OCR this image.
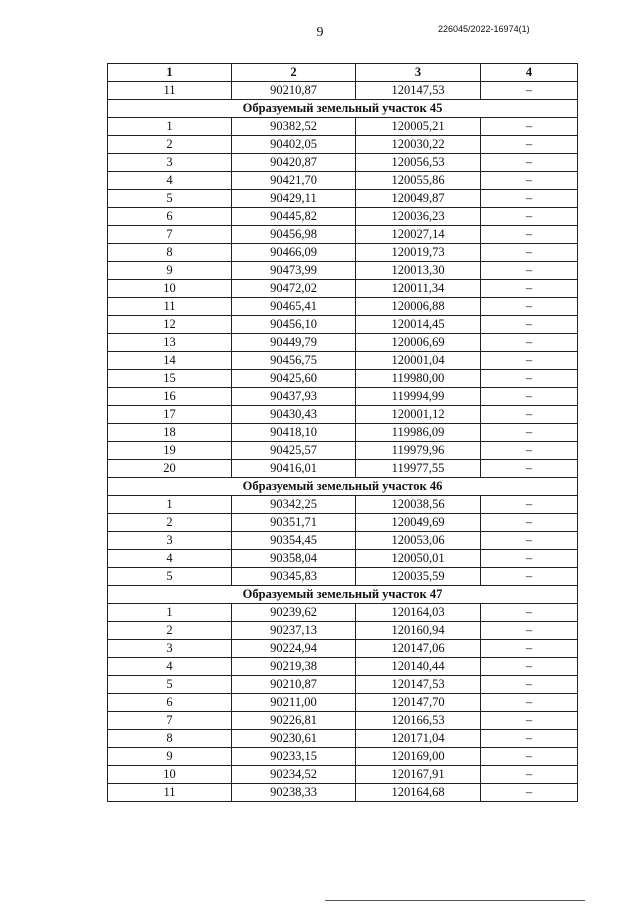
9	226045/2022-16974(1)
1	2	3	4
11	90210,87	120147,53	–
Образуемый земельный участок 45			
1	90382,52	120005,21	–
2	90402,05	120030,22	–
3	90420,87	120056,53	–
4	90421,70	120055,86	–
5	90429,11	120049,87	–
6	90445,82	120036,23	–
7	90456,98	120027,14	–
8	90466,09	120019,73	–
9	90473,99	120013,30	–
10	90472,02	120011,34	–
11	90465,41	120006,88	–
12	90456,10	120014,45	–
13	90449,79	120006,69	–
14	90456,75	120001,04	–
15	90425,60	119980,00	–
16	90437,93	119994,99	–
17	90430,43	120001,12	–
18	90418,10	119986,09	–
19	90425,57	119979,96	–
20	90416,01	119977,55	–
Образуемый земельный участок 46			
1	90342,25	120038,56	–
2	90351,71	120049,69	–
3	90354,45	120053,06	–
4	90358,04	120050,01	–
5	90345,83	120035,59	–
Образуемый земельный участок 47			
1	90239,62	120164,03	–
2	90237,13	120160,94	–
3	90224,94	120147,06	–
4	90219,38	120140,44	–
5	90210,87	120147,53	–
6	90211,00	120147,70	–
7	90226,81	120166,53	–
8	90230,61	120171,04	–
9	90233,15	120169,00	–
10	90234,52	120167,91	–
11	90238,33	120164,68	–
